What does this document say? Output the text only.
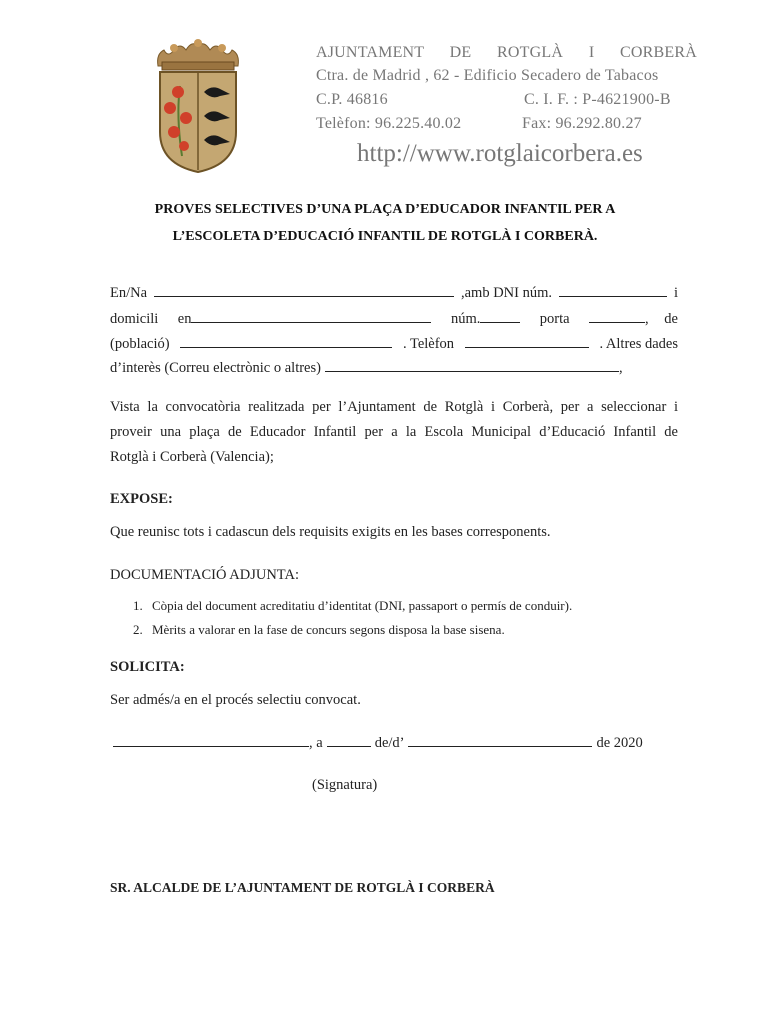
AJUNTAMENT DE ROTGLÀ I CORBERÀ
Ctra. de Madrid , 62 - Edificio Secadero de Tabacos
C.P. 46816	C. I. F. : P-4621900-B
Telèfon: 96.225.40.02	Fax: 96.292.80.27
http://www.rotglaicorbera.es
PROVES SELECTIVES D’UNA PLAÇA D’EDUCADOR INFANTIL PER A
L’ESCOLETA D’EDUCACIÓ INFANTIL DE ROTGLÀ I CORBERÀ.
En/Na	,amb DNI núm.	i
domicili en	núm.	porta	, de
(població)	. Telèfon	. Altres dades
d’interès (Correu electrònic o altres)	,
Vista la convocatòria realitzada per l’Ajuntament de Rotglà i Corberà, per a seleccionar i
proveir una plaça de Educador Infantil per a la Escola Municipal d’Educació Infantil de
Rotglà i Corberà (Valencia);
EXPOSE:
Que reunisc tots i cadascun dels requisits exigits en les bases corresponents.
DOCUMENTACIÓ ADJUNTA:
1. Còpia del document acreditatiu d’identitat (DNI, passaport o permís de conduir).
2. Mèrits a valorar en la fase de concurs segons disposa la base sisena.
SOLICITA:
Ser admés/a en el procés selectiu convocat.
, a	de/d’	de 2020
(Signatura)
SR. ALCALDE DE L’AJUNTAMENT DE ROTGLÀ I CORBERÀ
